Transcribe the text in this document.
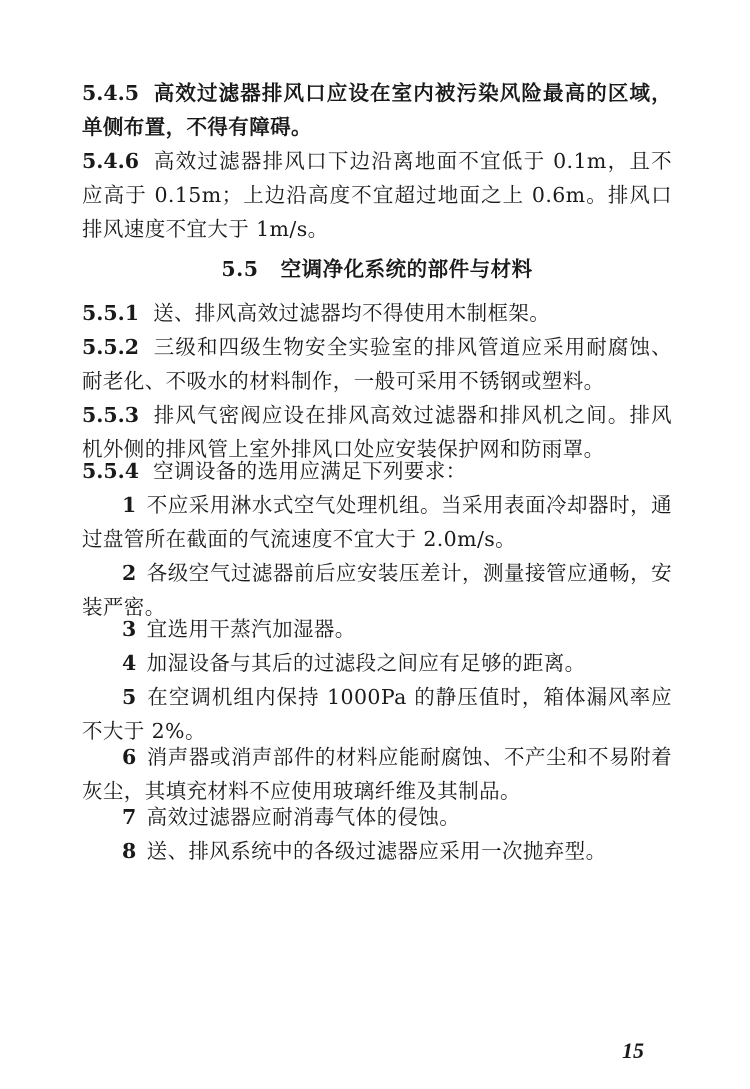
5.4.5 高效过滤器排风口应设在室内被污染风险最高的区域，单侧布置，不得有障碍。

5.4.6 高效过滤器排风口下边沿离地面不宜低于 0.1m，且不应高于 0.15m；上边沿高度不宜超过地面之上 0.6m。排风口排风速度不宜大于 1m/s。

5.5 空调净化系统的部件与材料

5.5.1 送、排风高效过滤器均不得使用木制框架。

5.5.2 三级和四级生物安全实验室的排风管道应采用耐腐蚀、耐老化、不吸水的材料制作，一般可采用不锈钢或塑料。

5.5.3 排风气密阀应设在排风高效过滤器和排风机之间。排风机外侧的排风管上室外排风口处应安装保护网和防雨罩。

5.5.4 空调设备的选用应满足下列要求：

1 不应采用淋水式空气处理机组。当采用表面冷却器时，通过盘管所在截面的气流速度不宜大于 2.0m/s。

2 各级空气过滤器前后应安装压差计，测量接管应通畅，安装严密。

3 宜选用干蒸汽加湿器。

4 加湿设备与其后的过滤段之间应有足够的距离。

5 在空调机组内保持 1000Pa 的静压值时，箱体漏风率应不大于 2%。

6 消声器或消声部件的材料应能耐腐蚀、不产尘和不易附着灰尘，其填充材料不应使用玻璃纤维及其制品。

7 高效过滤器应耐消毒气体的侵蚀。

8 送、排风系统中的各级过滤器应采用一次抛弃型。

15
